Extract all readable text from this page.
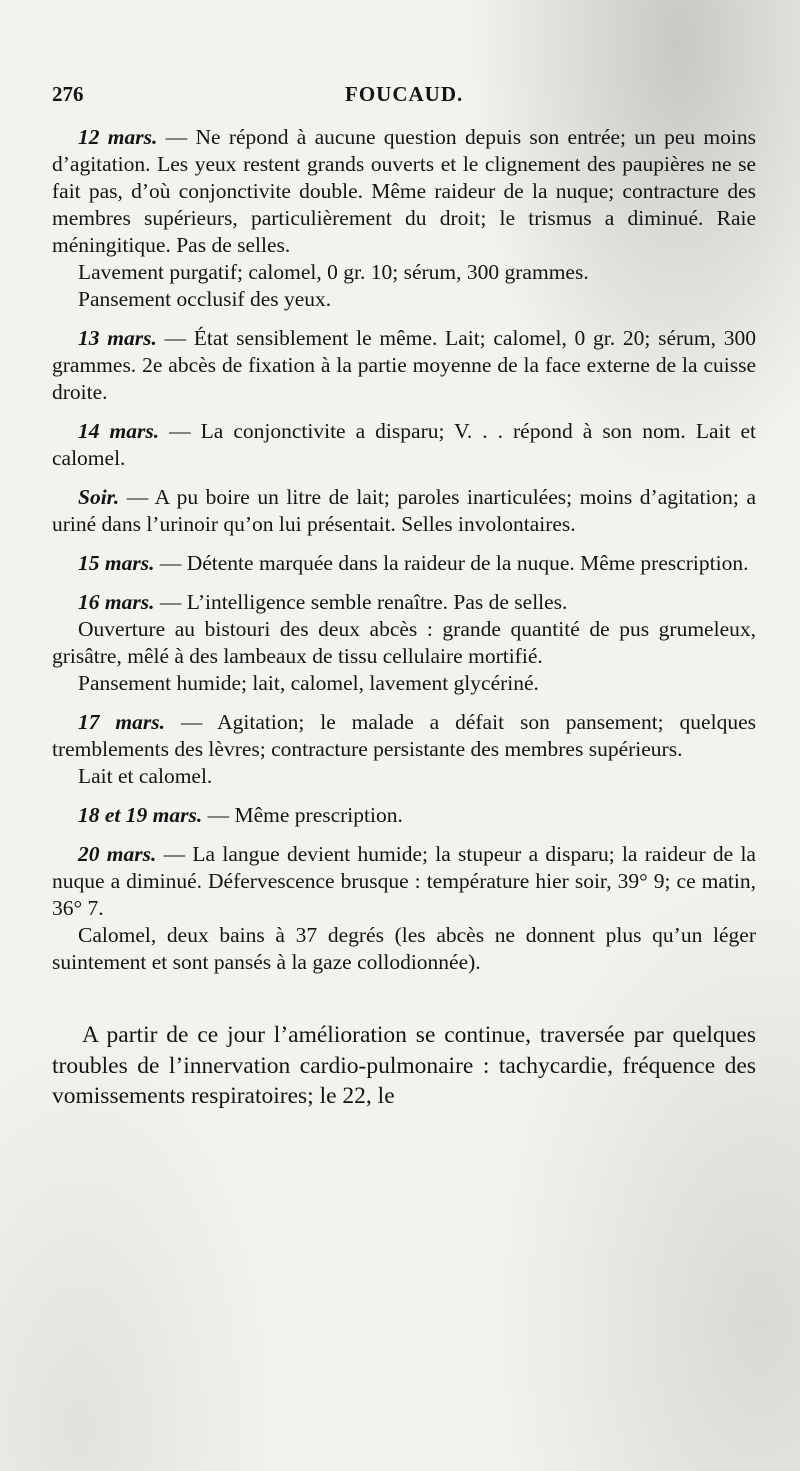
276	FOUCAUD.

12 mars. — Ne répond à aucune question depuis son entrée; un peu moins d’agitation. Les yeux restent grands ouverts et le clignement des paupières ne se fait pas, d’où conjonctivite double. Même raideur de la nuque; contracture des membres supérieurs, particulièrement du droit; le trismus a diminué. Raie méningitique. Pas de selles.

Lavement purgatif; calomel, 0 gr. 10; sérum, 300 grammes.

Pansement occlusif des yeux.

13 mars. — État sensiblement le même. Lait; calomel, 0 gr. 20; sérum, 300 grammes. 2e abcès de fixation à la partie moyenne de la face externe de la cuisse droite.

14 mars. — La conjonctivite a disparu; V. . . répond à son nom. Lait et calomel.

Soir. — A pu boire un litre de lait; paroles inarticulées; moins d’agitation; a uriné dans l’urinoir qu’on lui présentait. Selles involontaires.

15 mars. — Détente marquée dans la raideur de la nuque. Même prescription.

16 mars. — L’intelligence semble renaître. Pas de selles.

Ouverture au bistouri des deux abcès : grande quantité de pus grumeleux, grisâtre, mêlé à des lambeaux de tissu cellulaire mortifié.

Pansement humide; lait, calomel, lavement glycériné.

17 mars. — Agitation; le malade a défait son pansement; quelques tremblements des lèvres; contracture persistante des membres supérieurs.

Lait et calomel.

18 et 19 mars. — Même prescription.

20 mars. — La langue devient humide; la stupeur a disparu; la raideur de la nuque a diminué. Défervescence brusque : température hier soir, 39° 9; ce matin, 36° 7.

Calomel, deux bains à 37 degrés (les abcès ne donnent plus qu’un léger suintement et sont pansés à la gaze collodionnée).

A partir de ce jour l’amélioration se continue, traversée par quelques troubles de l’innervation cardio-pulmonaire : tachycardie, fréquence des vomissements respiratoires; le 22, le
